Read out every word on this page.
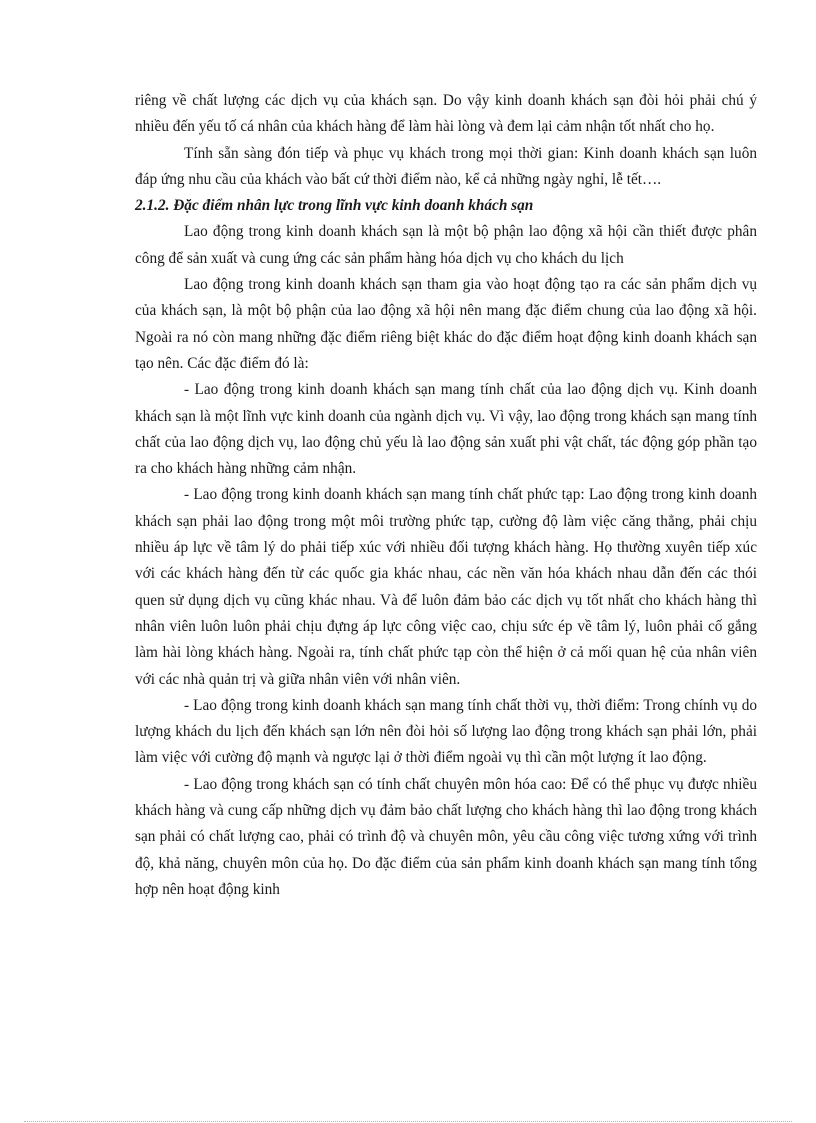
riêng về chất lượng các dịch vụ của khách sạn. Do vậy kinh doanh khách sạn đòi hỏi phải chú ý nhiều đến yếu tố cá nhân của khách hàng để làm hài lòng và đem lại cảm nhận tốt nhất cho họ.

Tính sẵn sàng đón tiếp và phục vụ khách trong mọi thời gian: Kinh doanh khách sạn luôn đáp ứng nhu cầu của khách vào bất cứ thời điểm nào, kể cả những ngày nghỉ, lễ tết….

2.1.2. Đặc điểm nhân lực trong lĩnh vực kinh doanh khách sạn

Lao động trong kinh doanh khách sạn là một bộ phận lao động xã hội cần thiết được phân công để sản xuất và cung ứng các sản phẩm hàng hóa dịch vụ cho khách du lịch

Lao động trong kinh doanh khách sạn tham gia vào hoạt động tạo ra các sản phẩm dịch vụ của khách sạn, là một bộ phận của lao động xã hội nên mang đặc điểm chung của lao động xã hội. Ngoài ra nó còn mang những đặc điểm riêng biệt khác do đặc điểm hoạt động kinh doanh khách sạn tạo nên. Các đặc điểm đó là:

- Lao động trong kinh doanh khách sạn mang tính chất của lao động dịch vụ. Kinh doanh khách sạn là một lĩnh vực kinh doanh của ngành dịch vụ. Vì vậy, lao động trong khách sạn mang tính chất của lao động dịch vụ, lao động chủ yếu là lao động sản xuất phi vật chất, tác động góp phần tạo ra cho khách hàng những cảm nhận.

- Lao động trong kinh doanh khách sạn mang tính chất phức tạp: Lao động trong kinh doanh khách sạn phải lao động trong một môi trường phức tạp, cường độ làm việc căng thẳng, phải chịu nhiều áp lực về tâm lý do phải tiếp xúc với nhiều đối tượng khách hàng. Họ thường xuyên tiếp xúc với các khách hàng đến từ các quốc gia khác nhau, các nền văn hóa khách nhau dẫn đến các thói quen sử dụng dịch vụ cũng khác nhau. Và để luôn đảm bảo các dịch vụ tốt nhất cho khách hàng thì nhân viên luôn luôn phải chịu đựng áp lực công việc cao, chịu sức ép về tâm lý, luôn phải cố gắng làm hài lòng khách hàng. Ngoài ra, tính chất phức tạp còn thể hiện ở cả mối quan hệ của nhân viên với các nhà quản trị và giữa nhân viên với nhân viên.

- Lao động trong kinh doanh khách sạn mang tính chất thời vụ, thời điểm: Trong chính vụ do lượng khách du lịch đến khách sạn lớn nên đòi hỏi số lượng lao động trong khách sạn phải lớn, phải làm việc với cường độ mạnh và ngược lại ở thời điểm ngoài vụ thì cần một lượng ít lao động.

- Lao động trong khách sạn có tính chất chuyên môn hóa cao: Để có thể phục vụ được nhiều khách hàng và cung cấp những dịch vụ đảm bảo chất lượng cho khách hàng thì lao động trong khách sạn phải có chất lượng cao, phải có trình độ và chuyên môn, yêu cầu công việc tương xứng với trình độ, khả năng, chuyên môn của họ. Do đặc điểm của sản phẩm kinh doanh khách sạn mang tính tổng hợp nên hoạt động kinh
